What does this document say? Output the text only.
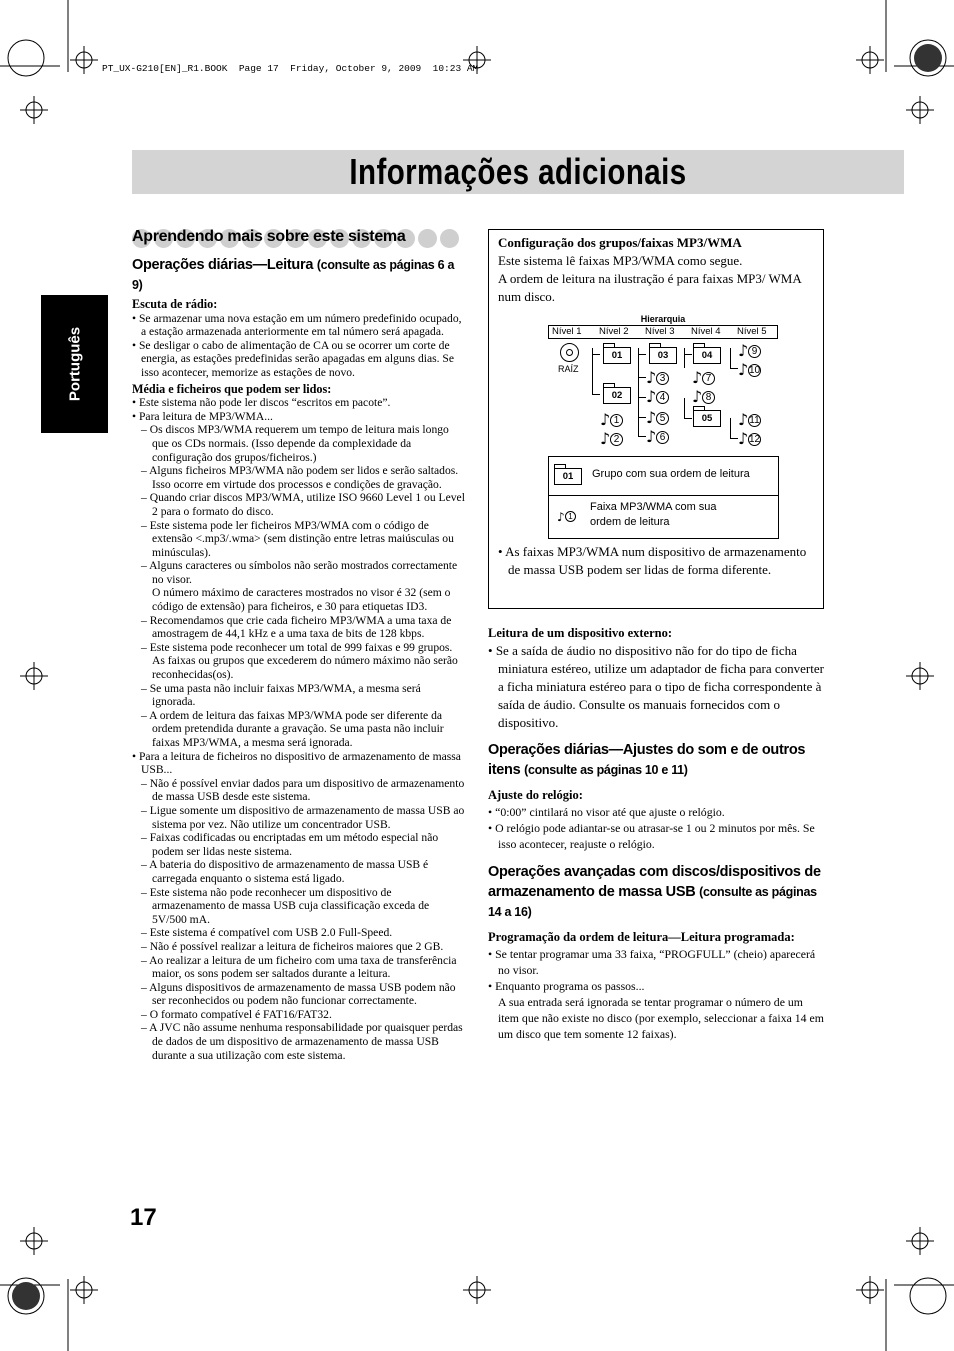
PT_UX-G210[EN]_R1.BOOK  Page 17  Friday, October 9, 2009  10:23 AM
Informações adicionais
Português
Aprendendo mais sobre este sistema

Operações diárias—Leitura (consulte as páginas 6 a 9)

Escuta de rádio:

• Se armazenar uma nova estação em um número predefinido ocupado, a estação armazenada anteriormente em tal número será apagada.

• Se desligar o cabo de alimentação de CA ou se ocorrer um corte de energia, as estações predefinidas serão apagadas em alguns dias. Se isso acontecer, memorize as estações de novo.

Média e ficheiros que podem ser lidos:

• Este sistema não pode ler discos “escritos em pacote”.

• Para leitura de MP3/WMA...

– Os discos MP3/WMA requerem um tempo de leitura mais longo que os CDs normais. (Isso depende da complexidade da configuração dos grupos/ficheiros.)

– Alguns ficheiros MP3/WMA não podem ser lidos e serão saltados. Isso ocorre em virtude dos processos e condições de gravação.

– Quando criar discos MP3/WMA, utilize ISO 9660 Level 1 ou Level 2 para o formato do disco.

– Este sistema pode ler ficheiros MP3/WMA com o código de extensão <.mp3/.wma> (sem distinção entre letras maiúsculas ou minúsculas).

– Alguns caracteres ou símbolos não serão mostrados correctamente no visor.

O número máximo de caracteres mostrados no visor é 32 (sem o código de extensão) para ficheiros, e 30 para etiquetas ID3.

– Recomendamos que crie cada ficheiro MP3/WMA a uma taxa de amostragem de 44,1 kHz e a uma taxa de bits de 128 kbps.

– Este sistema pode reconhecer um total de 999 faixas e 99 grupos. As faixas ou grupos que excederem do número máximo não serão reconhecidas(os).

– Se uma pasta não incluir faixas MP3/WMA, a mesma será ignorada.

– A ordem de leitura das faixas MP3/WMA pode ser diferente da ordem pretendida durante a gravação. Se uma pasta não incluir faixas MP3/WMA, a mesma será ignorada.

• Para a leitura de ficheiros no dispositivo de armazenamento de massa USB...

– Não é possível enviar dados para um dispositivo de armazenamento de massa USB desde este sistema.

– Ligue somente um dispositivo de armazenamento de massa USB ao sistema por vez. Não utilize um concentrador USB.

– Faixas codificadas ou encriptadas em um método especial não podem ser lidas neste sistema.

– A bateria do dispositivo de armazenamento de massa USB é carregada enquanto o sistema está ligado.

– Este sistema não pode reconhecer um dispositivo de armazenamento de massa USB cuja classificação exceda de 5V/500 mA.

– Este sistema é compatível com USB 2.0 Full-Speed.

– Não é possível realizar a leitura de ficheiros maiores que 2 GB.

– Ao realizar a leitura de um ficheiro com uma taxa de transferência maior, os sons podem ser saltados durante a leitura.

– Alguns dispositivos de armazenamento de massa USB podem não ser reconhecidos ou podem não funcionar correctamente.

– O formato compatível é FAT16/FAT32.

– A JVC não assume nenhuma responsabilidade por quaisquer perdas de dados de um dispositivo de armazenamento de massa USB durante a sua utilização com este sistema.

17

Configuração dos grupos/faixas MP3/WMA

Este sistema lê faixas MP3/WMA como segue.

A ordem de leitura na ilustração é para faixas MP3/ WMA num disco.

Hierarquia
Nível 1 Nível 2 Nível 3 Nível 4 Nível 5
RAÍZ
01
02
03	04
05
♪ 1
♪ 2
♪ 3
♪ 4
♪ 5
♪ 6
♪ 7
♪ 8
♪ 9
♪ 10
♪ 11
♪ 12
01	Grupo com sua ordem de leitura
♪ 1
Faixa MP3/WMA com sua ordem de leitura

• As faixas MP3/WMA num dispositivo de armazenamento de massa USB podem ser lidas de forma diferente.

Leitura de um dispositivo externo:

• Se a saída de áudio no dispositivo não for do tipo de ficha miniatura estéreo, utilize um adaptador de ficha para converter a ficha miniatura estéreo para o tipo de ficha correspondente à saída de áudio. Consulte os manuais fornecidos com o dispositivo.

Operações diárias—Ajustes do som e de outros itens (consulte as páginas 10 e 11)

Ajuste do relógio:

• “0:00” cintilará no visor até que ajuste o relógio.

• O relógio pode adiantar-se ou atrasar-se 1 ou 2 minutos por mês. Se isso acontecer, reajuste o relógio.

Operações avançadas com discos/dispositivos de armazenamento de massa USB (consulte as páginas 14 a 16)

Programação da ordem de leitura—Leitura programada:

• Se tentar programar uma 33 faixa, “PROGFULL” (cheio) aparecerá no visor.

• Enquanto programa os passos...

A sua entrada será ignorada se tentar programar o número de um item que não existe no disco (por exemplo, seleccionar a faixa 14 em um disco que tem somente 12 faixas).
